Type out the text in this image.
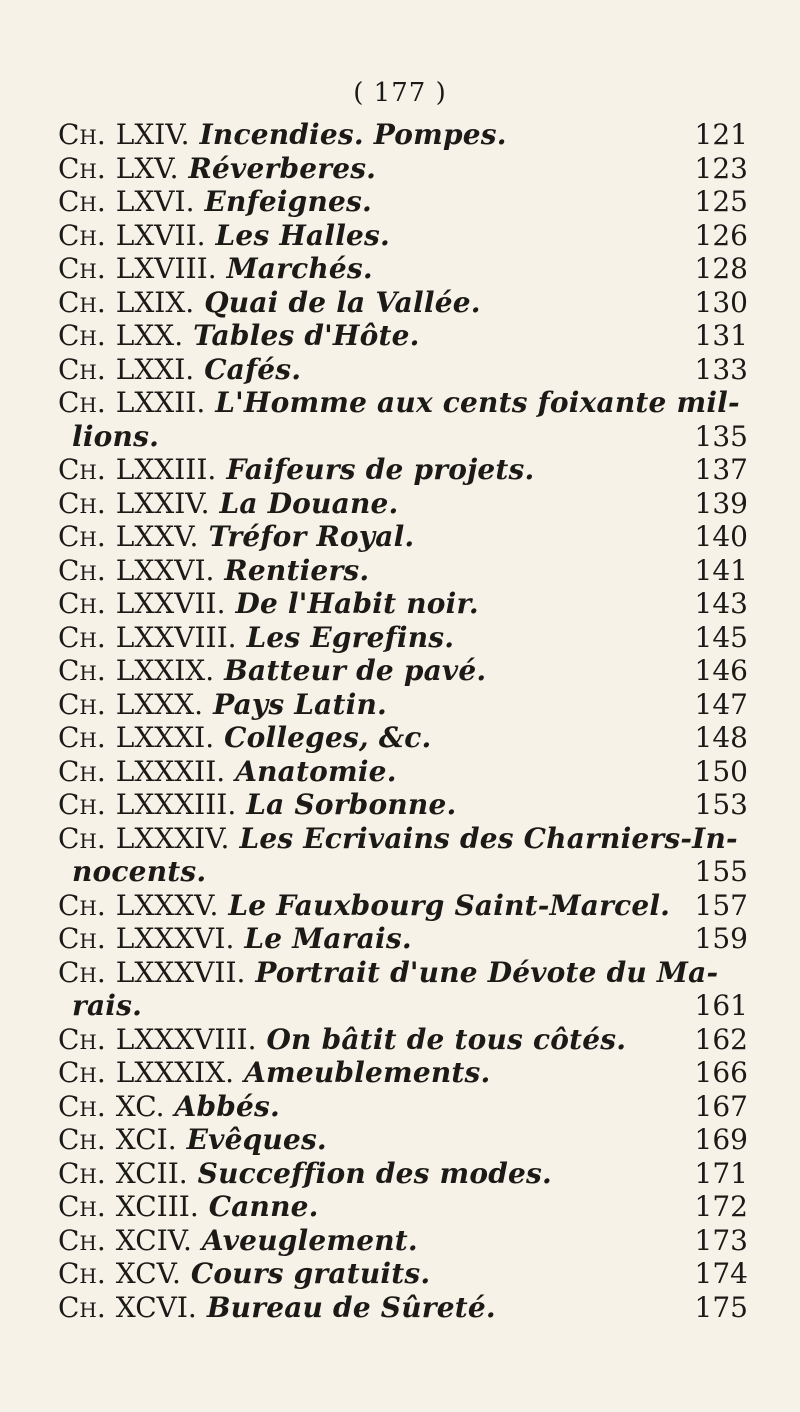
( 177 )
Ch. LXIV. Incendies. Pompes.	121
Ch. LXV. Réverberes.	123
Ch. LXVI. Enfeignes.	125
Ch. LXVII. Les Halles.	126
Ch. LXVIII. Marchés.	128
Ch. LXIX. Quai de la Vallée.	130
Ch. LXX. Tables d'Hôte.	131
Ch. LXXI. Cafés.	133
Ch. LXXII. L'Homme aux cents foixante mil-
lions.	135
Ch. LXXIII. Faifeurs de projets.	137
Ch. LXXIV. La Douane.	139
Ch. LXXV. Tréfor Royal.	140
Ch. LXXVI. Rentiers.	141
Ch. LXXVII. De l'Habit noir.	143
Ch. LXXVIII. Les Egrefins.	145
Ch. LXXIX. Batteur de pavé.	146
Ch. LXXX. Pays Latin.	147
Ch. LXXXI. Colleges, &c.	148
Ch. LXXXII. Anatomie.	150
Ch. LXXXIII. La Sorbonne.	153
Ch. LXXXIV. Les Ecrivains des Charniers-In-
nocents.	155
Ch. LXXXV. Le Fauxbourg Saint-Marcel. 157
Ch. LXXXVI. Le Marais.	159
Ch. LXXXVII. Portrait d'une Dévote du Ma-
rais.	161
Ch. LXXXVIII. On bâtit de tous côtés. 162
Ch. LXXXIX. Ameublements.	166
Ch. XC. Abbés.	167
Ch. XCI. Evêques.	169
Ch. XCII. Succeffion des modes.	171
Ch. XCIII. Canne.	172
Ch. XCIV. Aveuglement.	173
Ch. XCV. Cours gratuits.	174
Ch. XCVI. Bureau de Sûreté.	175
